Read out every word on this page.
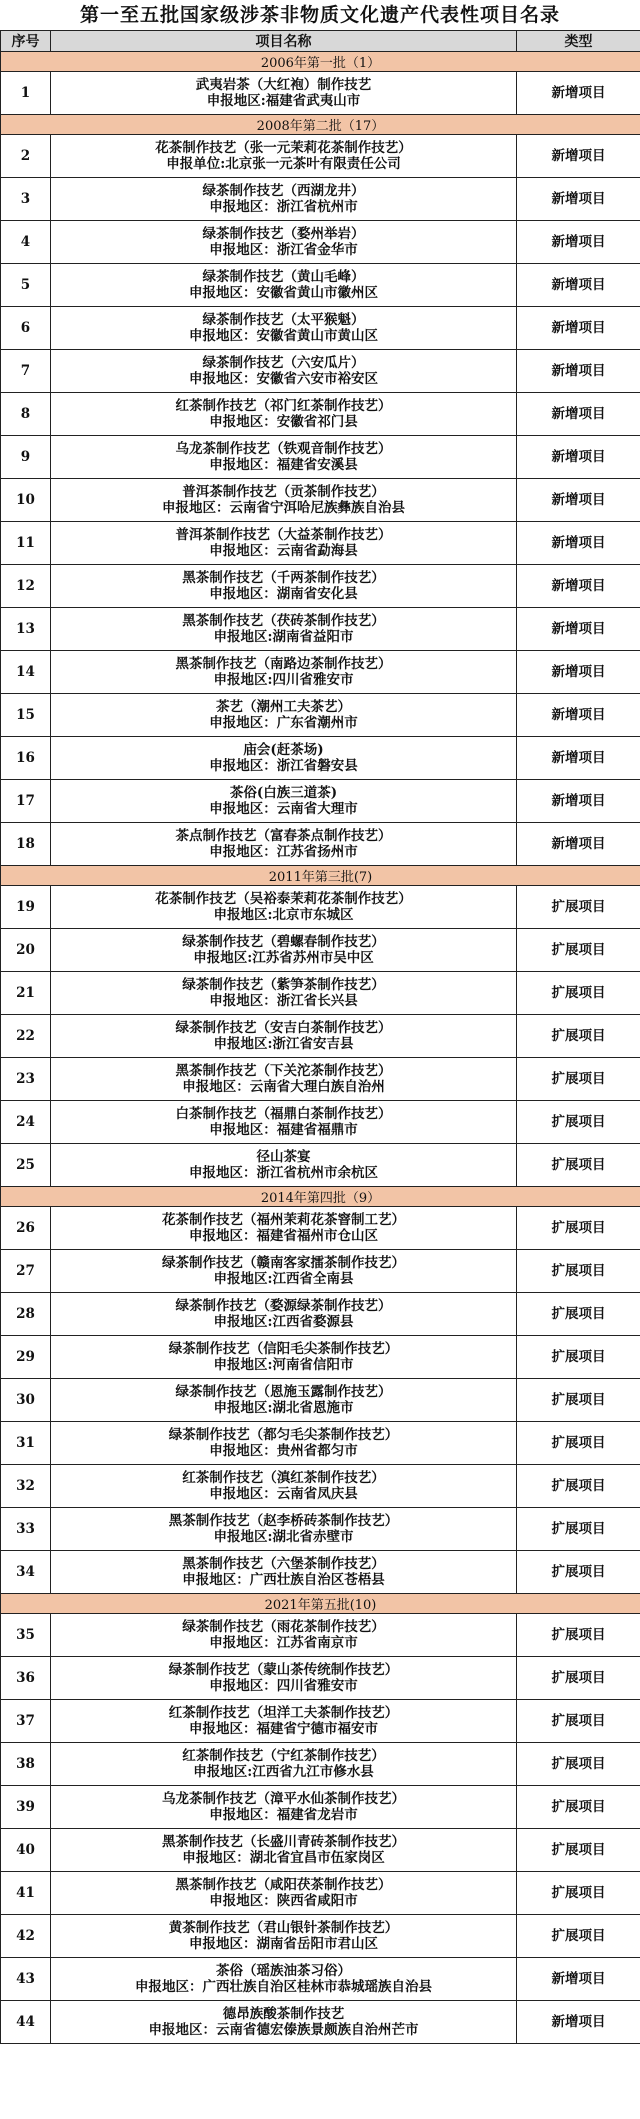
第一至五批国家级涉茶非物质文化遗产代表性项目名录
序号	项目名称	类型
2006年第一批（1）		
1	武夷岩茶（大红袍）制作技艺
申报地区:福建省武夷山市	新增项目
2008年第二批（17）		
2	花茶制作技艺（张一元茉莉花茶制作技艺）
申报单位:北京张一元茶叶有限责任公司	新增项目
3	绿茶制作技艺（西湖龙井）
申报地区：浙江省杭州市	新增项目
4	绿茶制作技艺（婺州举岩）
申报地区：浙江省金华市	新增项目
5	绿茶制作技艺（黄山毛峰）
申报地区：安徽省黄山市徽州区	新增项目
6	绿茶制作技艺（太平猴魁）
申报地区：安徽省黄山市黄山区	新增项目
7	绿茶制作技艺（六安瓜片）
申报地区：安徽省六安市裕安区	新增项目
8	红茶制作技艺（祁门红茶制作技艺）
申报地区：安徽省祁门县	新增项目
9	乌龙茶制作技艺（铁观音制作技艺）
申报地区：福建省安溪县	新增项目
10	普洱茶制作技艺（贡茶制作技艺）
申报地区：云南省宁洱哈尼族彝族自治县	新增项目
11	普洱茶制作技艺（大益茶制作技艺）
申报地区：云南省勐海县	新增项目
12	黑茶制作技艺（千两茶制作技艺）
申报地区：湖南省安化县	新增项目
13	黑茶制作技艺（茯砖茶制作技艺）
申报地区:湖南省益阳市	新增项目
14	黑茶制作技艺（南路边茶制作技艺）
申报地区:四川省雅安市	新增项目
15	茶艺（潮州工夫茶艺）
申报地区：广东省潮州市	新增项目
16	庙会(赶茶场)
申报地区：浙江省磐安县	新增项目
17	茶俗(白族三道茶)
申报地区：云南省大理市	新增项目
18	茶点制作技艺（富春茶点制作技艺）
申报地区：江苏省扬州市	新增项目
2011年第三批(7)		
19	花茶制作技艺（吴裕泰茉莉花茶制作技艺）
申报地区:北京市东城区	扩展项目
20	绿茶制作技艺（碧螺春制作技艺）
申报地区:江苏省苏州市吴中区	扩展项目
21	绿茶制作技艺（紫笋茶制作技艺）
申报地区：浙江省长兴县	扩展项目
22	绿茶制作技艺（安吉白茶制作技艺）
申报地区:浙江省安吉县	扩展项目
23	黑茶制作技艺（下关沱茶制作技艺）
申报地区：云南省大理白族自治州	扩展项目
24	白茶制作技艺（福鼎白茶制作技艺）
申报地区：福建省福鼎市	扩展项目
25	径山茶宴
申报地区：浙江省杭州市余杭区	扩展项目
2014年第四批（9）		
26	花茶制作技艺（福州茉莉花茶窨制工艺）
申报地区：福建省福州市仓山区	扩展项目
27	绿茶制作技艺（赣南客家擂茶制作技艺）
申报地区:江西省全南县	扩展项目
28	绿茶制作技艺（婺源绿茶制作技艺）
申报地区:江西省婺源县	扩展项目
29	绿茶制作技艺（信阳毛尖茶制作技艺）
申报地区:河南省信阳市	扩展项目
30	绿茶制作技艺（恩施玉露制作技艺）
申报地区:湖北省恩施市	扩展项目
31	绿茶制作技艺（都匀毛尖茶制作技艺）
申报地区：贵州省都匀市	扩展项目
32	红茶制作技艺（滇红茶制作技艺）
申报地区：云南省凤庆县	扩展项目
33	黑茶制作技艺（赵李桥砖茶制作技艺）
申报地区:湖北省赤壁市	扩展项目
34	黑茶制作技艺（六堡茶制作技艺）
申报地区：广西壮族自治区苍梧县	扩展项目
2021年第五批(10)		
35	绿茶制作技艺（雨花茶制作技艺）
申报地区：江苏省南京市	扩展项目
36	绿茶制作技艺（蒙山茶传统制作技艺）
申报地区：四川省雅安市	扩展项目
37	红茶制作技艺（坦洋工夫茶制作技艺）
申报地区：福建省宁德市福安市	扩展项目
38	红茶制作技艺（宁红茶制作技艺）
申报地区:江西省九江市修水县	扩展项目
39	乌龙茶制作技艺（漳平水仙茶制作技艺）
申报地区：福建省龙岩市	扩展项目
40	黑茶制作技艺（长盛川青砖茶制作技艺）
申报地区：湖北省宜昌市伍家岗区	扩展项目
41	黑茶制作技艺（咸阳茯茶制作技艺）
申报地区：陕西省咸阳市	扩展项目
42	黄茶制作技艺（君山银针茶制作技艺）
申报地区：湖南省岳阳市君山区	扩展项目
43	茶俗（瑶族油茶习俗）
申报地区：广西壮族自治区桂林市恭城瑶族自治县	新增项目
44	德昂族酸茶制作技艺
申报地区：云南省德宏傣族景颇族自治州芒市	新增项目
